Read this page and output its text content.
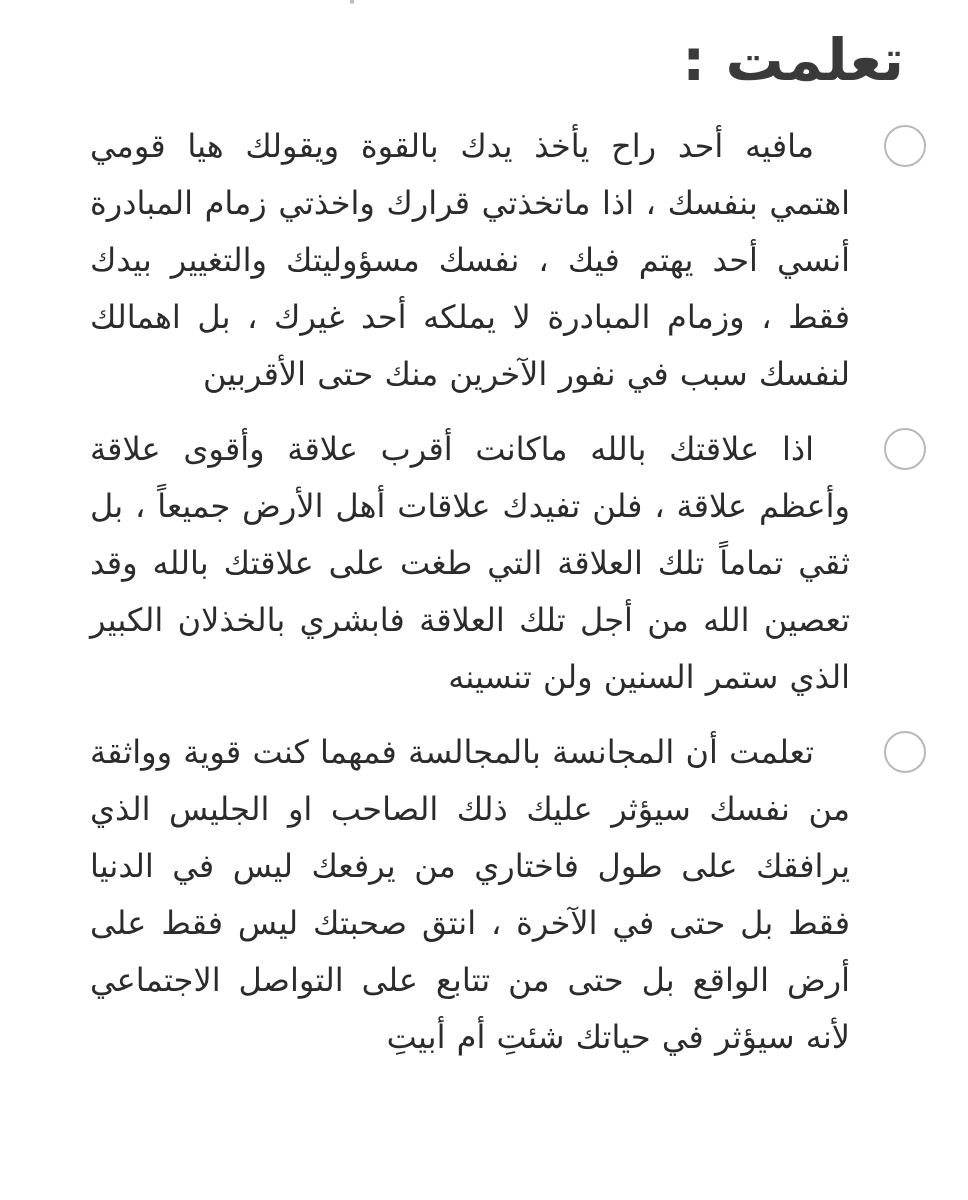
تعلمت :

مافيه أحد راح يأخذ يدك بالقوة ويقولك هيا قومي اهتمي بنفسك ، اذا ماتخذتي قرارك واخذتي زمام المبادرة أنسي أحد يهتم فيك ، نفسك مسؤوليتك والتغيير بيدك فقط ، وزمام المبادرة لا يملكه أحد غيرك ، بل اهمالك لنفسك سبب في نفور الآخرين منك حتى الأقربين

اذا علاقتك بالله ماكانت أقرب علاقة وأقوى علاقة وأعظم علاقة ، فلن تفيدك علاقات أهل الأرض جميعاً ، بل ثقي تماماً تلك العلاقة التي طغت على علاقتك بالله وقد تعصين الله من أجل تلك العلاقة فابشري بالخذلان الكبير الذي ستمر السنين ولن تنسينه

تعلمت أن المجانسة بالمجالسة فمهما كنت قوية وواثقة من نفسك سيؤثر عليك ذلك الصاحب او الجليس الذي يرافقك على طول فاختاري من يرفعك ليس في الدنيا فقط بل حتى في الآخرة ، انتق صحبتك ليس فقط على أرض الواقع بل حتى من تتابع على التواصل الاجتماعي لأنه سيؤثر في حياتك شئتِ أم أبيتِ
